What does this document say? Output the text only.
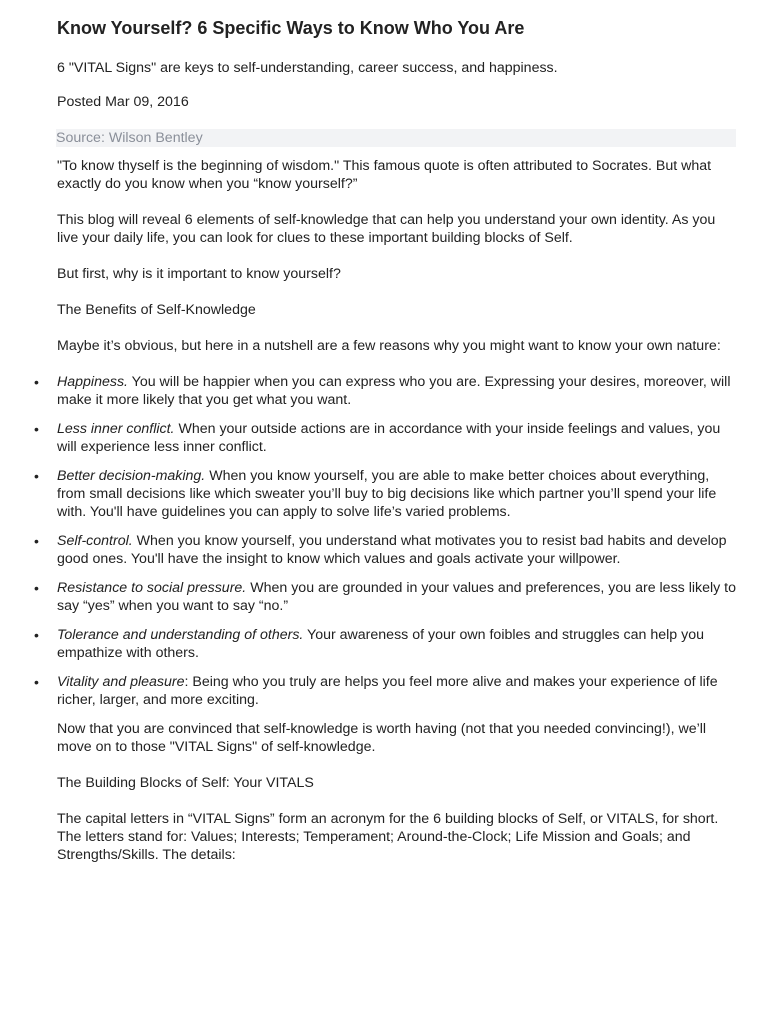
Know Yourself? 6 Specific Ways to Know Who You Are

6 "VITAL Signs" are keys to self-understanding, career success, and happiness.

Posted Mar 09, 2016

Source: Wilson Bentley

"To know thyself is the beginning of wisdom." This famous quote is often attributed to Socrates. But what exactly do you know when you “know yourself?”

This blog will reveal 6 elements of self-knowledge that can help you understand your own identity. As you live your daily life, you can look for clues to these important building blocks of Self.

But first, why is it important to know yourself?

The Benefits of Self-Knowledge

Maybe it’s obvious, but here in a nutshell are a few reasons why you might want to know your own nature:

• Happiness. You will be happier when you can express who you are. Expressing your desires, moreover, will make it more likely that you get what you want.
• Less inner conflict. When your outside actions are in accordance with your inside feelings and values, you will experience less inner conflict.
• Better decision-making. When you know yourself, you are able to make better choices about everything, from small decisions like which sweater you’ll buy to big decisions like which partner you’ll spend your life with. You'll have guidelines you can apply to solve life’s varied problems.
• Self-control. When you know yourself, you understand what motivates you to resist bad habits and develop good ones. You'll have the insight to know which values and goals activate your willpower.
• Resistance to social pressure. When you are grounded in your values and preferences, you are less likely to say “yes” when you want to say “no.”
• Tolerance and understanding of others. Your awareness of your own foibles and struggles can help you empathize with others.
• Vitality and pleasure: Being who you truly are helps you feel more alive and makes your experience of life richer, larger, and more exciting.

Now that you are convinced that self-knowledge is worth having (not that you needed convincing!), we’ll move on to those "VITAL Signs" of self-knowledge.

The Building Blocks of Self: Your VITALS

The capital letters in “VITAL Signs” form an acronym for the 6 building blocks of Self, or VITALS, for short. The letters stand for: Values; Interests; Temperament; Around-the-Clock; Life Mission and Goals; and Strengths/Skills. The details:
